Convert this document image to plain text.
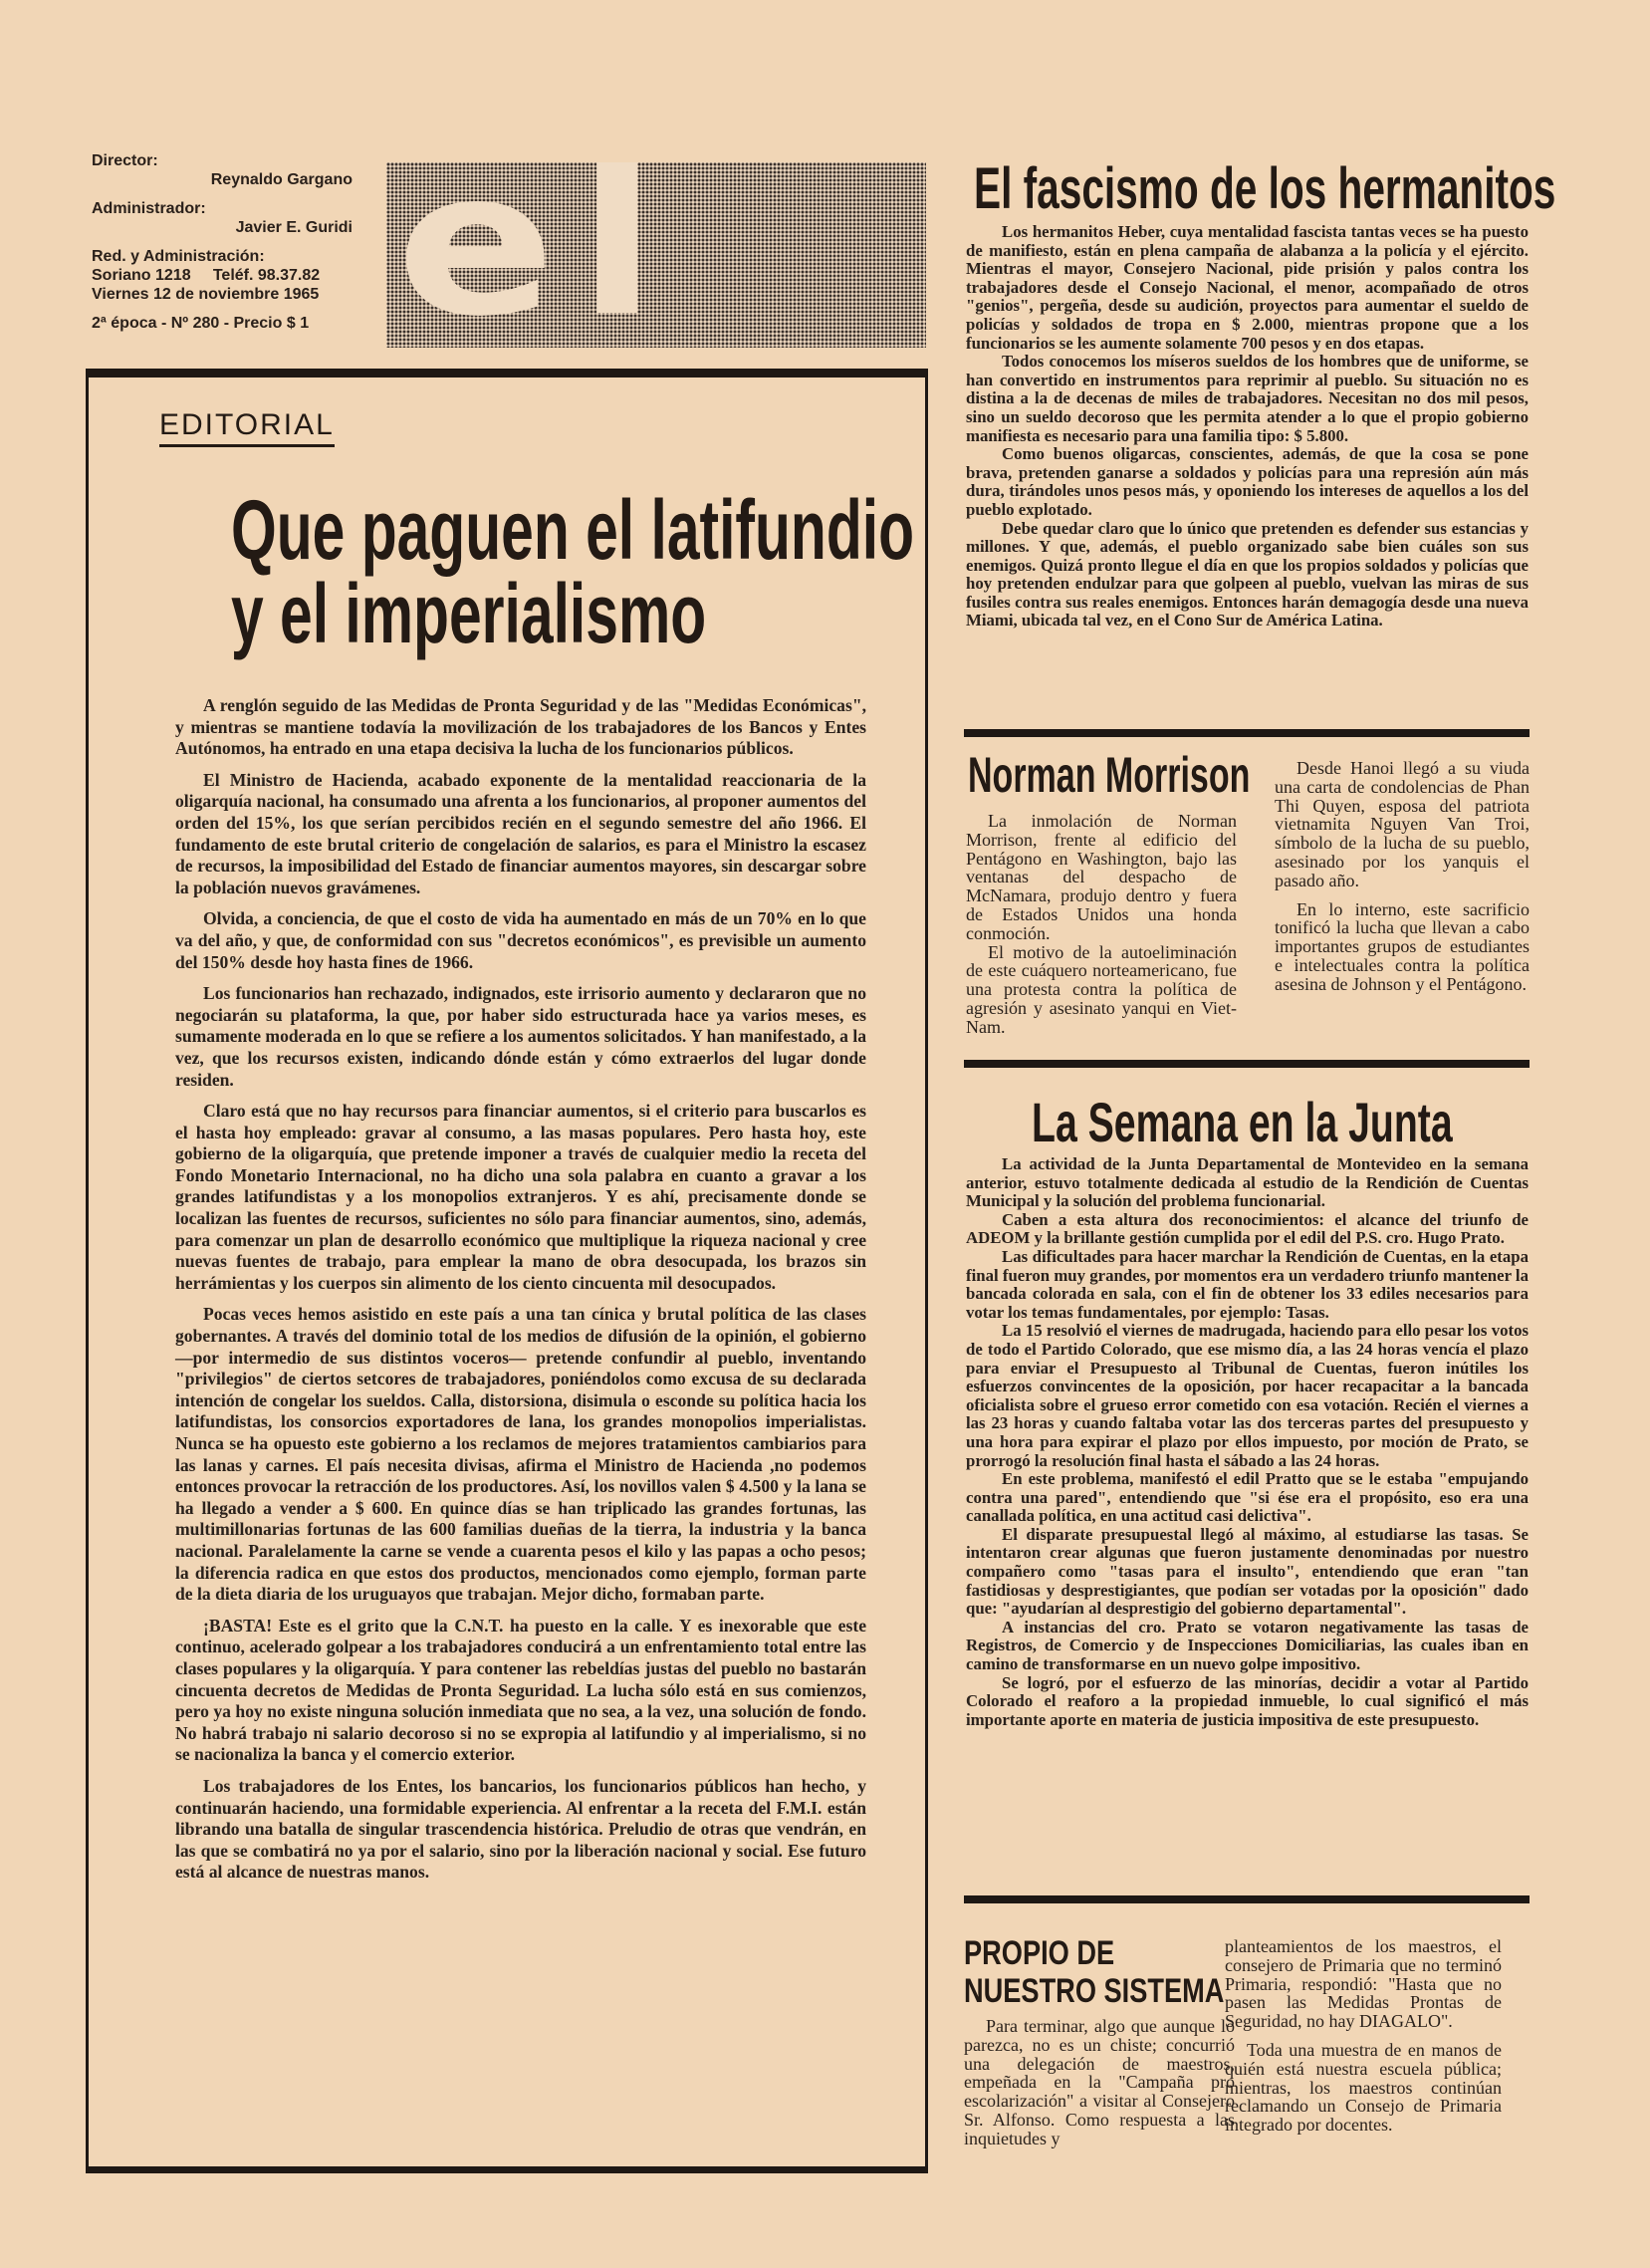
Director:
Reynaldo Gargano
Administrador:
Javier E. Guridi
Red. y Administración:
Soriano 1218     Teléf. 98.37.82
Viernes 12 de noviembre 1965
2ª época - Nº 280 - Precio $ 1 el
EDITORIAL
Que paguen el latifundio
y el imperialismo

A renglón seguido de las Medidas de Pronta Seguridad y de las "Medidas Económicas", y mientras se mantiene todavía la movilización de los trabajadores de los Bancos y Entes Autónomos, ha entrado en una etapa decisiva la lucha de los funcionarios públicos.

El Ministro de Hacienda, acabado exponente de la mentalidad reaccionaria de la oligarquía nacional, ha consumado una afrenta a los funcionarios, al proponer aumentos del orden del 15%, los que serían percibidos recién en el segundo semestre del año 1966. El fundamento de este brutal criterio de congelación de salarios, es para el Ministro la escasez de recursos, la imposibilidad del Estado de financiar aumentos mayores, sin descargar sobre la población nuevos gravámenes.

Olvida, a conciencia, de que el costo de vida ha aumentado en más de un 70% en lo que va del año, y que, de conformidad con sus "decretos económicos", es previsible un aumento del 150% desde hoy hasta fines de 1966.

Los funcionarios han rechazado, indignados, este irrisorio aumento y declararon que no negociarán su plataforma, la que, por haber sido estructurada hace ya varios meses, es sumamente moderada en lo que se refiere a los aumentos solicitados. Y han manifestado, a la vez, que los recursos existen, indicando dónde están y cómo extraerlos del lugar donde residen.

Claro está que no hay recursos para financiar aumentos, si el criterio para buscarlos es el hasta hoy empleado: gravar al consumo, a las masas populares. Pero hasta hoy, este gobierno de la oligarquía, que pretende imponer a través de cualquier medio la receta del Fondo Monetario Internacional, no ha dicho una sola palabra en cuanto a gravar a los grandes latifundistas y a los monopolios extranjeros. Y es ahí, precisamente donde se localizan las fuentes de recursos, suficientes no sólo para financiar aumentos, sino, además, para comenzar un plan de desarrollo económico que multiplique la riqueza nacional y cree nuevas fuentes de trabajo, para emplear la mano de obra desocupada, los brazos sin herrámientas y los cuerpos sin alimento de los ciento cincuenta mil desocupados.

Pocas veces hemos asistido en este país a una tan cínica y brutal política de las clases gobernantes. A través del dominio total de los medios de difusión de la opinión, el gobierno —por intermedio de sus distintos voceros— pretende confundir al pueblo, inventando "privilegios" de ciertos setcores de trabajadores, poniéndolos como excusa de su declarada intención de congelar los sueldos. Calla, distorsiona, disimula o esconde su política hacia los latifundistas, los consorcios exportadores de lana, los grandes monopolios imperialistas. Nunca se ha opuesto este gobierno a los reclamos de mejores tratamientos cambiarios para las lanas y carnes. El país necesita divisas, afirma el Ministro de Hacienda ,no podemos entonces provocar la retracción de los productores. Así, los novillos valen $ 4.500 y la lana se ha llegado a vender a $ 600. En quince días se han triplicado las grandes fortunas, las multimillonarias fortunas de las 600 familias dueñas de la tierra, la industria y la banca nacional. Paralelamente la carne se vende a cuarenta pesos el kilo y las papas a ocho pesos; la diferencia radica en que estos dos productos, mencionados como ejemplo, forman parte de la dieta diaria de los uruguayos que trabajan. Mejor dicho, formaban parte.

¡BASTA! Este es el grito que la C.N.T. ha puesto en la calle. Y es inexorable que este continuo, acelerado golpear a los trabajadores conducirá a un enfrentamiento total entre las clases populares y la oligarquía. Y para contener las rebeldías justas del pueblo no bastarán cincuenta decretos de Medidas de Pronta Seguridad. La lucha sólo está en sus comienzos, pero ya hoy no existe ninguna solución inmediata que no sea, a la vez, una solución de fondo. No habrá trabajo ni salario decoroso si no se expropia al latifundio y al imperialismo, si no se nacionaliza la banca y el comercio exterior.

Los trabajadores de los Entes, los bancarios, los funcionarios públicos han hecho, y continuarán haciendo, una formidable experiencia. Al enfrentar a la receta del F.M.I. están librando una batalla de singular trascendencia histórica. Preludio de otras que vendrán, en las que se combatirá no ya por el salario, sino por la liberación nacional y social. Ese futuro está al alcance de nuestras manos.

El fascismo de los hermanitos

Los hermanitos Heber, cuya mentalidad fascista tantas veces se ha puesto de manifiesto, están en plena campaña de alabanza a la policía y el ejército. Mientras el mayor, Consejero Nacional, pide prisión y palos contra los trabajadores desde el Consejo Nacional, el menor, acompañado de otros "genios", pergeña, desde su audición, proyectos para aumentar el sueldo de policías y soldados de tropa en $ 2.000, mientras propone que a los funcionarios se les aumente solamente 700 pesos y en dos etapas.

Todos conocemos los míseros sueldos de los hombres que de uniforme, se han convertido en instrumentos para reprimir al pueblo. Su situación no es distina a la de decenas de miles de trabajadores. Necesitan no dos mil pesos, sino un sueldo decoroso que les permita atender a lo que el propio gobierno manifiesta es necesario para una familia tipo: $ 5.800.

Como buenos oligarcas, conscientes, además, de que la cosa se pone brava, pretenden ganarse a soldados y policías para una represión aún más dura, tirándoles unos pesos más, y oponiendo los intereses de aquellos a los del pueblo explotado.

Debe quedar claro que lo único que pretenden es defender sus estancias y millones. Y que, además, el pueblo organizado sabe bien cuáles son sus enemigos. Quizá pronto llegue el día en que los propios soldados y policías que hoy pretenden endulzar para que golpeen al pueblo, vuelvan las miras de sus fusiles contra sus reales enemigos. Entonces harán demagogía desde una nueva Miami, ubicada tal vez, en el Cono Sur de América Latina.

Norman Morrison

La inmolación de Norman Morrison, frente al edificio del Pentágono en Washington, bajo las ventanas del despacho de McNamara, produjo dentro y fuera de Estados Unidos una honda conmoción.

El motivo de la autoeliminación de este cuáquero norteamericano, fue una protesta contra la política de agresión y asesinato yanqui en Viet-Nam.

Desde Hanoi llegó a su viuda una carta de condolencias de Phan Thi Quyen, esposa del patriota vietnamita Nguyen Van Troi, símbolo de la lucha de su pueblo, asesinado por los yanquis el pasado año.

En lo interno, este sacrificio tonificó la lucha que llevan a cabo importantes grupos de estudiantes e intelectuales contra la política asesina de Johnson y el Pentágono.

La Semana en la Junta

La actividad de la Junta Departamental de Montevideo en la semana anterior, estuvo totalmente dedicada al estudio de la Rendición de Cuentas Municipal y la solución del problema funcionarial.

Caben a esta altura dos reconocimientos: el alcance del triunfo de ADEOM y la brillante gestión cumplida por el edil del P.S. cro. Hugo Prato.

Las dificultades para hacer marchar la Rendición de Cuentas, en la etapa final fueron muy grandes, por momentos era un verdadero triunfo mantener la bancada colorada en sala, con el fin de obtener los 33 ediles necesarios para votar los temas fundamentales, por ejemplo: Tasas.

La 15 resolvió el viernes de madrugada, haciendo para ello pesar los votos de todo el Partido Colorado, que ese mismo día, a las 24 horas vencía el plazo para enviar el Presupuesto al Tribunal de Cuentas, fueron inútiles los esfuerzos convincentes de la oposición, por hacer recapacitar a la bancada oficialista sobre el grueso error cometido con esa votación. Recién el viernes a las 23 horas y cuando faltaba votar las dos terceras partes del presupuesto y una hora para expirar el plazo por ellos impuesto, por moción de Prato, se prorrogó la resolución final hasta el sábado a las 24 horas.

En este problema, manifestó el edil Pratto que se le estaba "empujando contra una pared", entendiendo que "si ése era el propósito, eso era una canallada política, en una actitud casi delictiva".

El disparate presupuestal llegó al máximo, al estudiarse las tasas. Se intentaron crear algunas que fueron justamente denominadas por nuestro compañero como "tasas para el insulto", entendiendo que eran "tan fastidiosas y desprestigiantes, que podían ser votadas por la oposición" dado que: "ayudarían al desprestigio del gobierno departamental".

A instancias del cro. Prato se votaron negativamente las tasas de Registros, de Comercio y de Inspecciones Domiciliarias, las cuales iban en camino de transformarse en un nuevo golpe impositivo.

Se logró, por el esfuerzo de las minorías, decidir a votar al Partido Colorado el reaforo a la propiedad inmueble, lo cual significó el más importante aporte en materia de justicia impositiva de este presupuesto.

PROPIO DE
NUESTRO SISTEMA

Para terminar, algo que aunque lo parezca, no es un chiste; concurrió una delegación de maestros, empeñada en la "Campaña pro escolarización" a visitar al Consejero Sr. Alfonso. Como respuesta a las inquietudes y

planteamientos de los maestros, el consejero de Primaria que no terminó Primaria, respondió: "Hasta que no pasen las Medidas Prontas de Seguridad, no hay DIAGALO".

Toda una muestra de en manos de quién está nuestra escuela pública; mientras, los maestros continúan reclamando un Consejo de Primaria integrado por docentes.
